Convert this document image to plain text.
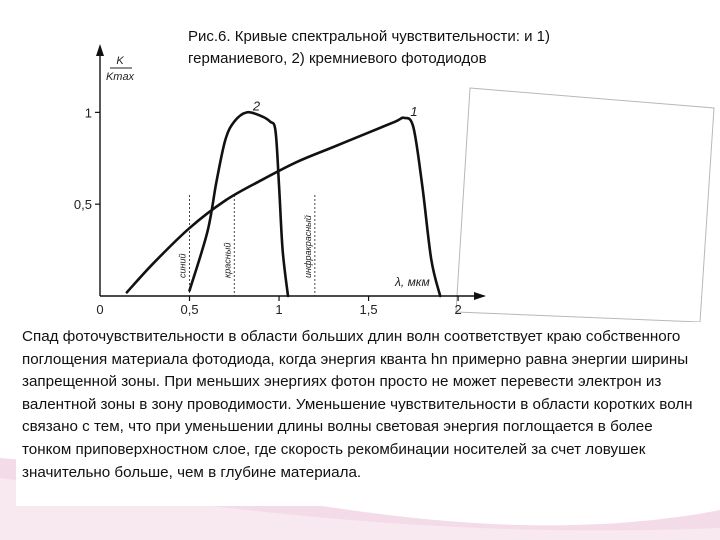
Рис.6. Кривые спектральной чувствительности: и 1)
германиевого, 2) кремниевого фотодиодов
0,5
1
0,5	1	1,5	2
0
синий	красный	инфракрасный
1
2
K
Kmax
λ, мкм

Спад фоточувствительности в области больших длин волн соответствует краю собственного поглощения материала фотодиода, когда энергия кванта hn примерно равна энергии ширины запрещенной зоны. При меньших энергиях фотон просто не может перевести электрон из валентной зоны в зону проводимости. Уменьшение чувствительности в области коротких волн связано с тем, что при уменьшении длины волны световая энергия поглощается в более тонком приповерхностном слое, где скорость рекомбинации носителей за счет ловушек значительно больше, чем в глубине материала.
